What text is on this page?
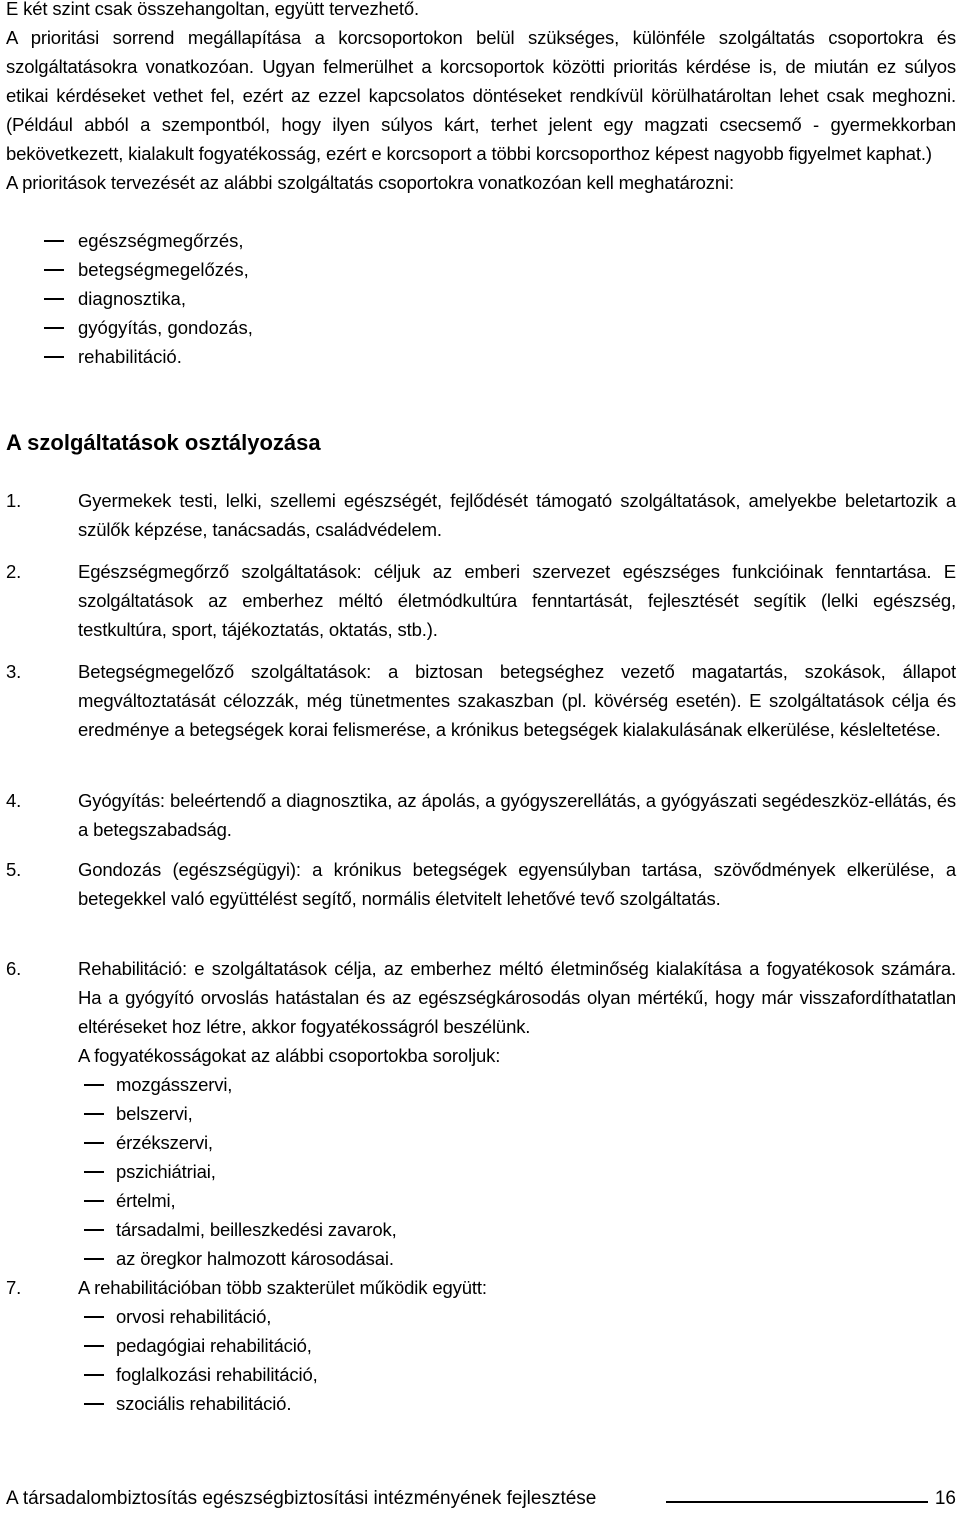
E két szint csak összehangoltan, együtt tervezhető.

A prioritási sorrend megállapítása a korcsoportokon belül szükséges, különféle szolgáltatás csoportokra és szolgáltatásokra vonatkozóan. Ugyan felmerülhet a korcsoportok közötti prioritás kérdése is, de miután ez súlyos etikai kérdéseket vethet fel, ezért az ezzel kapcsolatos döntéseket rendkívül körülhatároltan lehet csak meghozni. (Például abból a szempontból, hogy ilyen súlyos kárt, terhet jelent egy magzati csecsemő - gyermekkorban bekövetkezett, kialakult fogyatékosság, ezért e korcsoport a többi korcsoporthoz képest nagyobb figyelmet kaphat.)

A prioritások tervezését az alábbi szolgáltatás csoportokra vonatkozóan kell meghatározni:

egészségmegőrzés,
betegségmegelőzés,
diagnosztika,
gyógyítás, gondozás,
rehabilitáció.
A szolgáltatások osztályozása
1.	Gyermekek testi, lelki, szellemi egészségét, fejlődését támogató szolgáltatások, amelyekbe beletartozik a szülők képzése, tanácsadás, családvédelem.
2.	Egészségmegőrző szolgáltatások: céljuk az emberi szervezet egészséges funkcióinak fenntartása. E szolgáltatások az emberhez méltó életmódkultúra fenntartását, fejlesztését segítik (lelki egészség, testkultúra, sport, tájékoztatás, oktatás, stb.).
3.	Betegségmegelőző szolgáltatások: a biztosan betegséghez vezető magatartás, szokások, állapot megváltoztatását célozzák, még tünetmentes szakaszban (pl. kövérség esetén). E szolgáltatások célja és eredménye a betegségek korai felismerése, a krónikus betegségek kialakulásának elkerülése, késleltetése.
4.	Gyógyítás: beleértendő a diagnosztika, az ápolás, a gyógyszerellátás, a gyógyászati segédeszköz-ellátás, és a betegszabadság.
5.	Gondozás (egészségügyi): a krónikus betegségek egyensúlyban tartása, szövődmények elkerülése, a betegekkel való együttélést segítő, normális életvitelt lehetővé tevő szolgáltatás.
6.	Rehabilitáció: e szolgáltatások célja, az emberhez méltó életminőség kialakítása a fogyatékosok számára. Ha a gyógyító orvoslás hatástalan és az egészségkárosodás olyan mértékű, hogy már visszafordíthatatlan eltéréseket hoz létre, akkor fogyatékosságról beszélünk.
A fogyatékosságokat az alábbi csoportokba soroljuk:
mozgásszervi,
belszervi,
érzékszervi,
pszichiátriai,
értelmi,
társadalmi, beilleszkedési zavarok,
az öregkor halmozott károsodásai.
7.	A rehabilitációban több szakterület működik együtt:
orvosi rehabilitáció,
pedagógiai rehabilitáció,
foglalkozási rehabilitáció,
szociális rehabilitáció.
A társadalombiztosítás egészségbiztosítási intézményének fejlesztése	16
